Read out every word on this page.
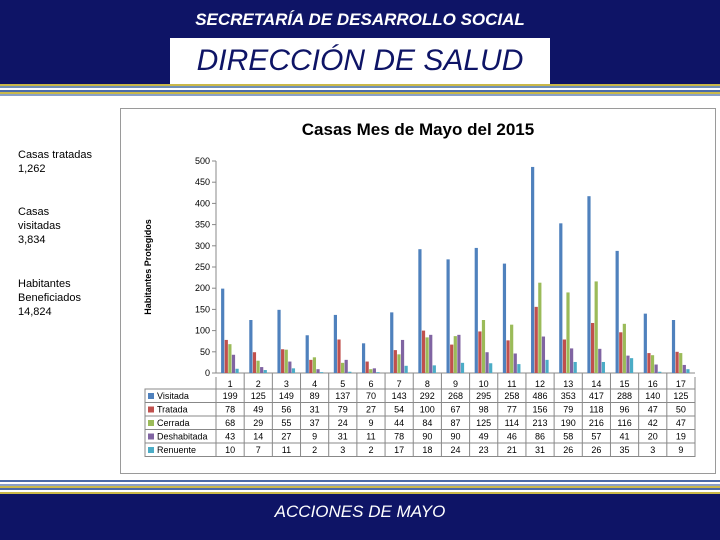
SECRETARÍA DE DESARROLLO SOCIAL
DIRECCIÓN DE SALUD
Casas tratadas
1,262
Casas visitadas
3,834
Habitantes Beneficiados
14,824
Casas Mes de Mayo del 2015
Habitantes Protegidos
0
50
100
150
200
250
300
350
400
450
500
1	2	3	4	5	6	7	8	9 10 11 12 13 14 15 16 17
Visitada	199 125 149 89 137 70 143 292 268 295 258 486 353 417 288 140 125
Tratada	78 49 56 31 79 27 54 100 67 98 77 156 79 118 96 47 50
Cerrada	68 29 55 37 24 9 44 84 87 125 114 213 190 216 116 42 47
Deshabitada 43 14 27 9 31 11 78 90 90 49 46 86 58 57 41 20 19
Renuente	10 7 11 2	3	2 17 18 24 23 21 31 26 26 35 3	9
ACCIONES DE MAYO
